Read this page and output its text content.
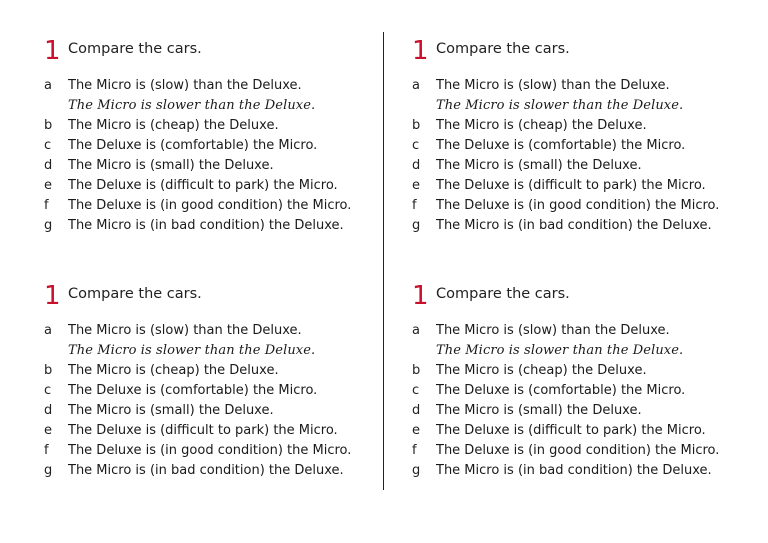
1 Compare the cars.
a	The Micro is (slow) than the Deluxe.
The Micro is slower than the Deluxe.
b	The Micro is (cheap) the Deluxe.
c	The Deluxe is (comfortable) the Micro.
d	The Micro is (small) the Deluxe.
e	The Deluxe is (difficult to park) the Micro.
f	The Deluxe is (in good condition) the Micro.
g	The Micro is (in bad condition) the Deluxe.
1 Compare the cars.
a	The Micro is (slow) than the Deluxe.
The Micro is slower than the Deluxe.
b	The Micro is (cheap) the Deluxe.
c	The Deluxe is (comfortable) the Micro.
d	The Micro is (small) the Deluxe.
e	The Deluxe is (difficult to park) the Micro.
f	The Deluxe is (in good condition) the Micro.
g	The Micro is (in bad condition) the Deluxe.
1 Compare the cars.
a	The Micro is (slow) than the Deluxe.
The Micro is slower than the Deluxe.
b	The Micro is (cheap) the Deluxe.
c	The Deluxe is (comfortable) the Micro.
d	The Micro is (small) the Deluxe.
e	The Deluxe is (difficult to park) the Micro.
f	The Deluxe is (in good condition) the Micro.
g	The Micro is (in bad condition) the Deluxe.
1 Compare the cars.
a	The Micro is (slow) than the Deluxe.
The Micro is slower than the Deluxe.
b	The Micro is (cheap) the Deluxe.
c	The Deluxe is (comfortable) the Micro.
d	The Micro is (small) the Deluxe.
e	The Deluxe is (difficult to park) the Micro.
f	The Deluxe is (in good condition) the Micro.
g	The Micro is (in bad condition) the Deluxe.
